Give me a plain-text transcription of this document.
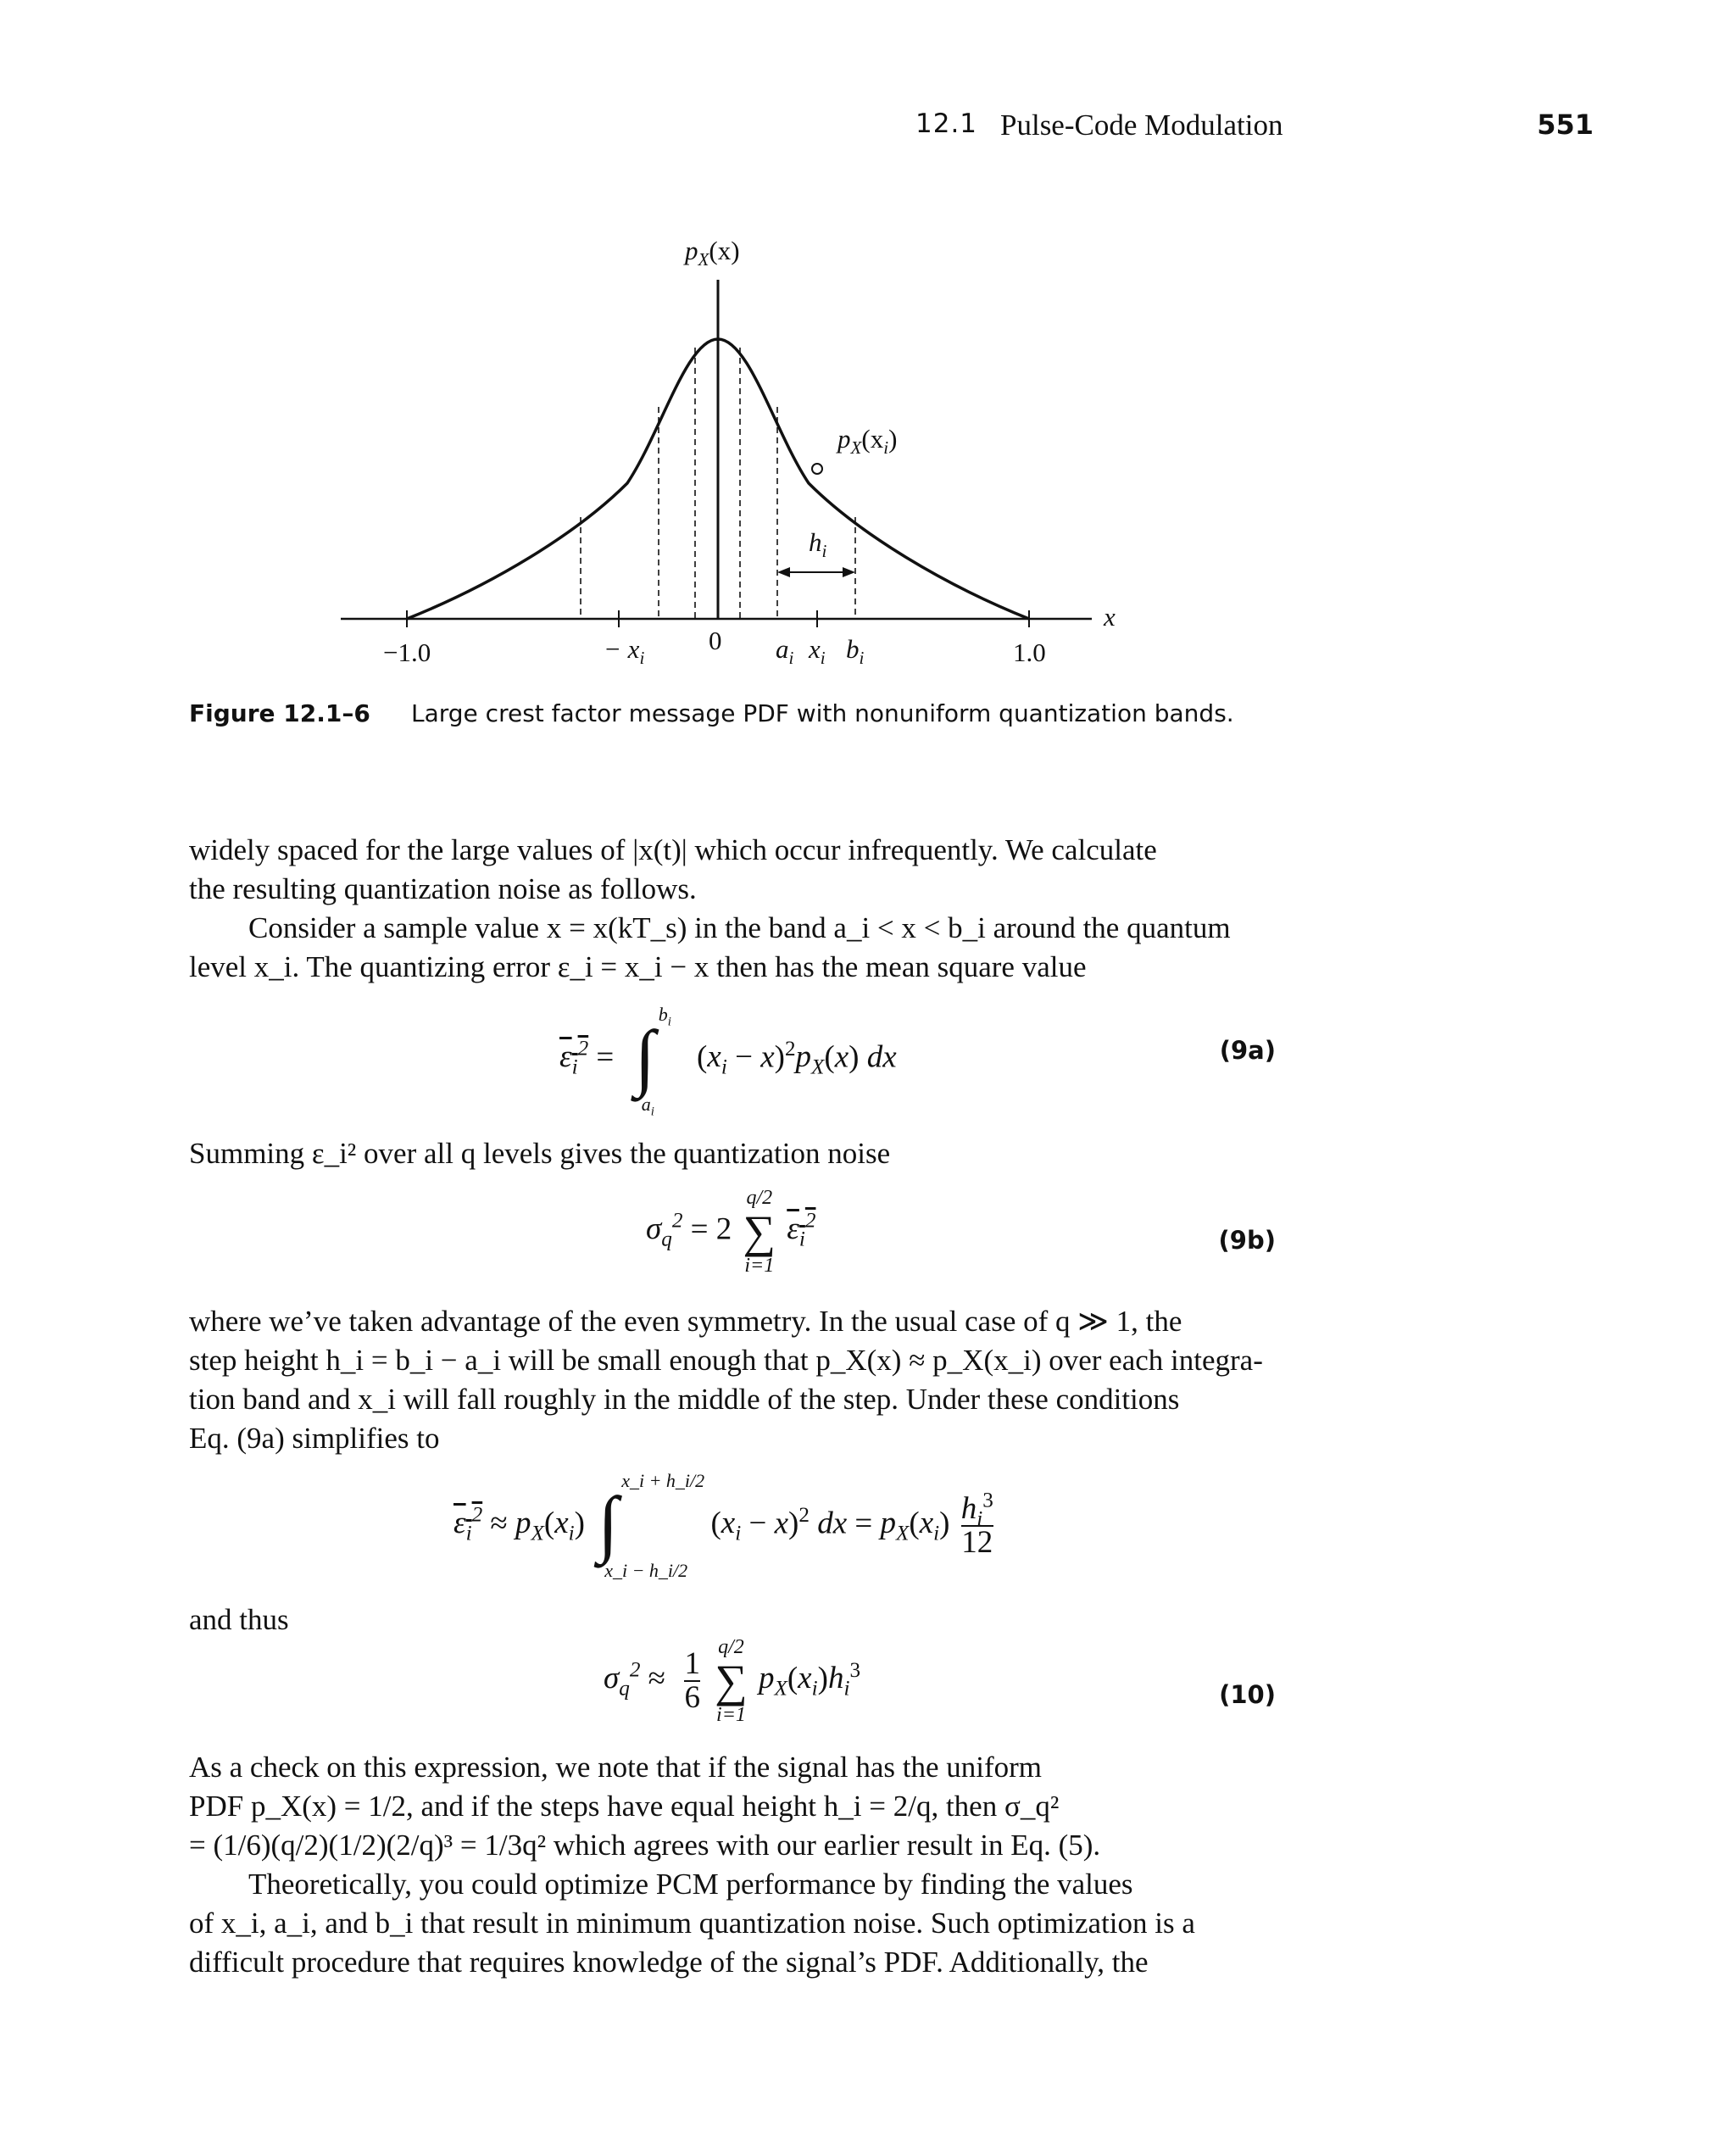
12.1 Pulse-Code Modulation	551
$p_X(x)$
x
$p_X(x_i)$
$h_i$
−1.0	− $x_i$
0 $a_i$ $x_i$ $b_i$	1.0
Figure 12.1–6 Large crest factor message PDF with nonuniform quantization bands.
widely spaced for the large values of |x(t)| which occur infrequently. We calculate
the resulting quantization noise as follows.
Consider a sample value x = x(kT_s) in the band a_i < x < b_i around the quantum
level x_i. The quantizing error ε_i = x_i − x then has the mean square value
$\varepsilon_i^2$ = ∫
$b_i$
$a_i$
$(x_i - x)^2p_X(x)$ dx	(9a)
Summing ε_i² over all q levels gives the quantization noise
$\sigma_q^2 = 2$
q/2
∑
i=1
$\varepsilon_i^2$
(9b)
where we’ve taken advantage of the even symmetry. In the usual case of q ≫ 1, the
step height h_i = b_i − a_i will be small enough that p_X(x) ≈ p_X(x_i) over each integra-
tion band and x_i will fall roughly in the middle of the step. Under these conditions
Eq. (9a) simplifies to
$\varepsilon_i^2 \approx p_X(x_i)$ ∫
x_i + h_i/2
x_i − h_i/2
$(x_i - x)^2$ dx = $p_X(x_i) \frac{h_i^3}{12}$
and thus
$\sigma_q^2 \approx \frac{1}{6}$

q/2
∑
i=1
$p_X(x_i)h_i^3$
(10)
As a check on this expression, we note that if the signal has the uniform
PDF p_X(x) = 1/2, and if the steps have equal height h_i = 2/q, then σ_q²
= (1/6)(q/2)(1/2)(2/q)³ = 1/3q² which agrees with our earlier result in Eq. (5).
Theoretically, you could optimize PCM performance by finding the values
of x_i, a_i, and b_i that result in minimum quantization noise. Such optimization is a
difficult procedure that requires knowledge of the signal’s PDF. Additionally, the
